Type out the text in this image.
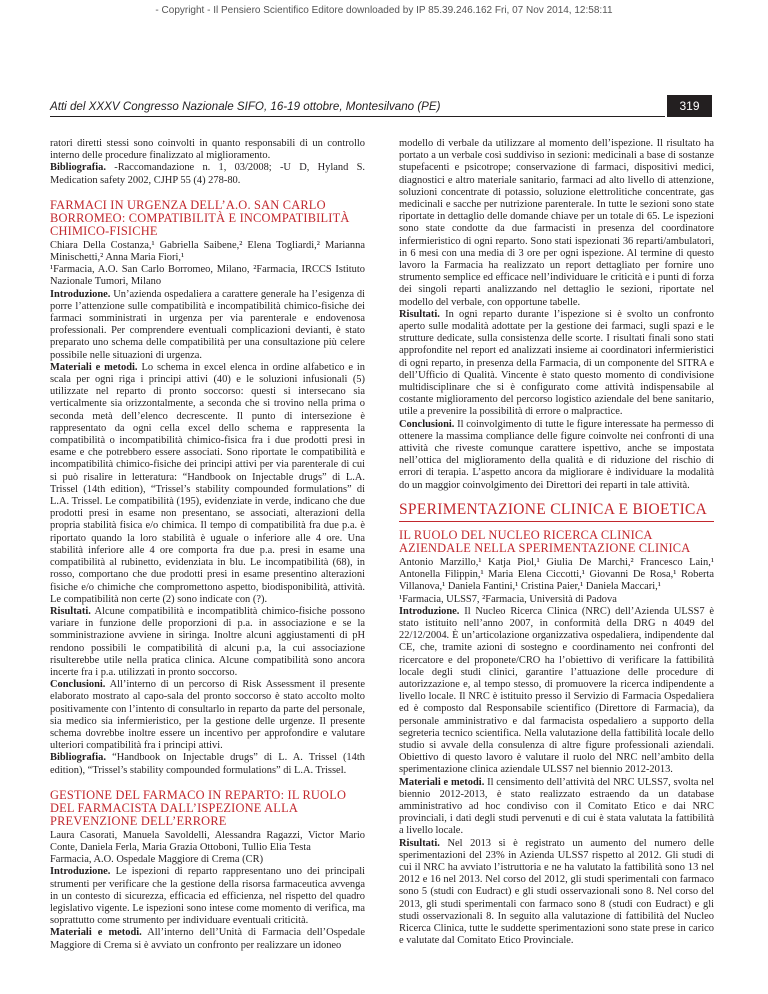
- Copyright - Il Pensiero Scientifico Editore downloaded by IP 85.39.246.162 Fri, 07 Nov 2014, 12:58:11
Atti del XXXV Congresso Nazionale SIFO, 16-19 ottobre, Montesilvano (PE)	319

ratori diretti stessi sono coinvolti in quanto responsabili di un controllo interno delle procedure finalizzato al miglioramento.

Bibliografia. -Raccomandazione n. 1, 03/2008; -U D, Hyland S. Medication safety 2002, CJHP 55 (4) 278-80.

FARMACI IN URGENZA DELL’A.O. SAN CARLO BORROMEO: COMPATIBILITÀ E INCOMPATIBILITÀ CHIMICO-FISICHE

Chiara Della Costanza,¹ Gabriella Saibene,² Elena Togliardi,² Marianna Minischetti,² Anna Maria Fiori,¹

¹Farmacia, A.O. San Carlo Borromeo, Milano, ²Farmacia, IRCCS Istituto Nazionale Tumori, Milano

Introduzione. Un’azienda ospedaliera a carattere generale ha l’esigenza di porre l’attenzione sulle compatibilità e incompatibilità chimico-fisiche dei farmaci somministrati in urgenza per via parenterale e endovenosa professionali. Per comprendere eventuali complicazioni devianti, è stato preparato uno schema delle compatibilità per una consultazione più celere possibile nelle situazioni di urgenza.

Materiali e metodi. Lo schema in excel elenca in ordine alfabetico e in scala per ogni riga i principi attivi (40) e le soluzioni infusionali (5) utilizzate nel reparto di pronto soccorso: questi si intersecano sia verticalmente sia orizzontalmente, a seconda che si trovino nella prima o seconda metà dell’elenco decrescente. Il punto di intersezione è rappresentato da ogni cella excel dello schema e rappresenta la compatibilità o incompatibilità chimico-fisica fra i due prodotti presi in esame e che potrebbero essere associati. Sono riportate le compatibilità e incompatibilità chimico-fisiche dei principi attivi per via parenterale di cui si può risalire in letteratura: “Handbook on Injectable drugs” di L.A. Trissel (14th edition), “Trissel’s stability compounded formulations” di L.A. Trissel. Le compatibilità (195), evidenziate in verde, indicano che due prodotti presi in esame non presentano, se associati, alterazioni della propria stabilità fisica e/o chimica. Il tempo di compatibilità fra due p.a. è riportato quando la loro stabilità è uguale o inferiore alle 4 ore. Una stabilità inferiore alle 4 ore comporta fra due p.a. presi in esame una compatibilità al rubinetto, evidenziata in blu. Le incompatibilità (68), in rosso, comportano che due prodotti presi in esame presentino alterazioni fisiche e/o chimiche che compromettono aspetto, biodisponibilità, attività. Le compatibilità non certe (2) sono indicate con (?).

Risultati. Alcune compatibilità e incompatiblità chimico-fisiche possono variare in funzione delle proporzioni di p.a. in associazione e se la somministrazione avviene in siringa. Inoltre alcuni aggiustamenti di pH rendono possibili le compatibilità di alcuni p.a, la cui associazione risulterebbe utile nella pratica clinica. Alcune compatibilità sono ancora incerte fra i p.a. utilizzati in pronto soccorso.

Conclusioni. All’interno di un percorso di Risk Assessment il presente elaborato mostrato al capo-sala del pronto soccorso è stato accolto molto positivamente con l’intento di consultarlo in reparto da parte del personale, sia medico sia infermieristico, per la gestione delle urgenze. Il presente schema dovrebbe inoltre essere un incentivo per approfondire e valutare ulteriori compatibilità fra i principi attivi.

Bibliografia. “Handbook on Injectable drugs” di L. A. Trissel (14th edition), “Trissel’s stability compounded formulations” di L.A. Trissel.

GESTIONE DEL FARMACO IN REPARTO: IL RUOLO DEL FARMACISTA DALL’ISPEZIONE ALLA PREVENZIONE DELL’ERRORE

Laura Casorati, Manuela Savoldelli, Alessandra Ragazzi, Victor Mario Conte, Daniela Ferla, Maria Grazia Ottoboni, Tullio Elia Testa

Farmacia, A.O. Ospedale Maggiore di Crema (CR)

Introduzione. Le ispezioni di reparto rappresentano uno dei principali strumenti per verificare che la gestione della risorsa farmaceutica avvenga in un contesto di sicurezza, efficacia ed efficienza, nel rispetto del quadro legislativo vigente. Le ispezioni sono intese come momento di verifica, ma soprattutto come strumento per individuare eventuali criticità.

Materiali e metodi. All’interno dell’Unità di Farmacia dell’Ospedale Maggiore di Crema si è avviato un confronto per realizzare un idoneo

modello di verbale da utilizzare al momento dell’ispezione. Il risultato ha portato a un verbale così suddiviso in sezioni: medicinali a base di sostanze stupefacenti e psicotrope; conservazione di farmaci, dispositivi medici, diagnostici e altro materiale sanitario, farmaci ad alto livello di attenzione, soluzioni concentrate di potassio, soluzione elettrolitiche concentrate, gas medicinali e sacche per nutrizione parenterale. In tutte le sezioni sono state riportate in dettaglio delle domande chiave per un totale di 65. Le ispezioni sono state condotte da due farmacisti in presenza del coordinatore infermieristico di ogni reparto. Sono stati ispezionati 36 reparti/ambulatori, in 6 mesi con una media di 3 ore per ogni ispezione. Al termine di questo lavoro la Farmacia ha realizzato un report dettagliato per fornire uno strumento semplice ed efficace nell’individuare le criticità e i punti di forza dei singoli reparti analizzando nel dettaglio le sezioni, riportate nel modello del verbale, con opportune tabelle.

Risultati. In ogni reparto durante l’ispezione si è svolto un confronto aperto sulle modalità adottate per la gestione dei farmaci, sugli spazi e le strutture dedicate, sulla consistenza delle scorte. I risultati finali sono stati approfondite nel report ed analizzati insieme ai coordinatori infermieristici di ogni reparto, in presenza della Farmacia, di un componente del SITRA e dell’Ufficio di Qualità. Vincente è stato questo momento di condivisione multidisciplinare che si è configurato come attività indispensabile al costante miglioramento del percorso logistico aziendale del bene sanitario, utile a prevenire la possibilità di errore o malpractice.

Conclusioni. Il coinvolgimento di tutte le figure interessate ha permesso di ottenere la massima compliance delle figure coinvolte nei confronti di una attività che riveste comunque carattere ispettivo, anche se impostata nell’ottica del miglioramento della qualità e di riduzione del rischio di errori di terapia. L’aspetto ancora da migliorare è individuare la modalità do un maggior coinvolgimento dei Direttori dei reparti in tale attività.

SPERIMENTAZIONE CLINICA E BIOETICA
IL RUOLO DEL NUCLEO RICERCA CLINICA AZIENDALE NELLA SPERIMENTAZIONE CLINICA

Antonio Marzillo,¹ Katja Piol,¹ Giulia De Marchi,² Francesco Lain,¹ Antonella Filippin,¹ Maria Elena Ciccotti,¹ Giovanni De Rosa,¹ Roberta Villanova,¹ Daniela Fantini,¹ Cristina Paier,¹ Daniela Maccari,¹

¹Farmacia, ULSS7, ²Farmacia, Università di Padova

Introduzione. Il Nucleo Ricerca Clinica (NRC) dell’Azienda ULSS7 è stato istituito nell’anno 2007, in conformità della DRG n 4049 del 22/12/2004. È un’articolazione organizzativa ospedaliera, indipendente dal CE, che, tramite azioni di sostegno e coordinamento nei confronti del ricercatore e del proponete/CRO ha l’obiettivo di verificare la fattibilità locale degli studi clinici, garantire l’attuazione delle procedure di autorizzazione e, al tempo stesso, di promuovere la ricerca indipendente a livello locale. Il NRC è istituito presso il Servizio di Farmacia Ospedaliera ed è composto dal Responsabile scientifico (Direttore di Farmacia), da personale amministrativo e dal farmacista ospedaliero a supporto della segreteria tecnico scientifica. Nella valutazione della fattibilità locale dello studio si avvale della consulenza di altre figure professionali aziendali. Obiettivo di questo lavoro è valutare il ruolo del NRC nell’ambito della sperimentazione clinica aziendale ULSS7 nel biennio 2012-2013.

Materiali e metodi. Il censimento dell’attività del NRC ULSS7, svolta nel biennio 2012-2013, è stato realizzato estraendo da un database amministrativo ad hoc condiviso con il Comitato Etico e dai NRC provinciali, i dati degli studi pervenuti e di cui è stata valutata la fattibilità a livello locale.

Risultati. Nel 2013 si è registrato un aumento del numero delle sperimentazioni del 23% in Azienda ULSS7 rispetto al 2012. Gli studi di cui il NRC ha avviato l’istruttoria e ne ha valutato la fattibilità sono 13 nel 2012 e 16 nel 2013. Nel corso del 2012, gli studi sperimentali con farmaco sono 5 (studi con Eudract) e gli studi osservazionali sono 8. Nel corso del 2013, gli studi sperimentali con farmaco sono 8 (studi con Eudract) e gli studi osservazionali 8. In seguito alla valutazione di fattibilità del Nucleo Ricerca Clinica, tutte le suddette sperimentazioni sono state prese in carico e valutate dal Comitato Etico Provinciale.
